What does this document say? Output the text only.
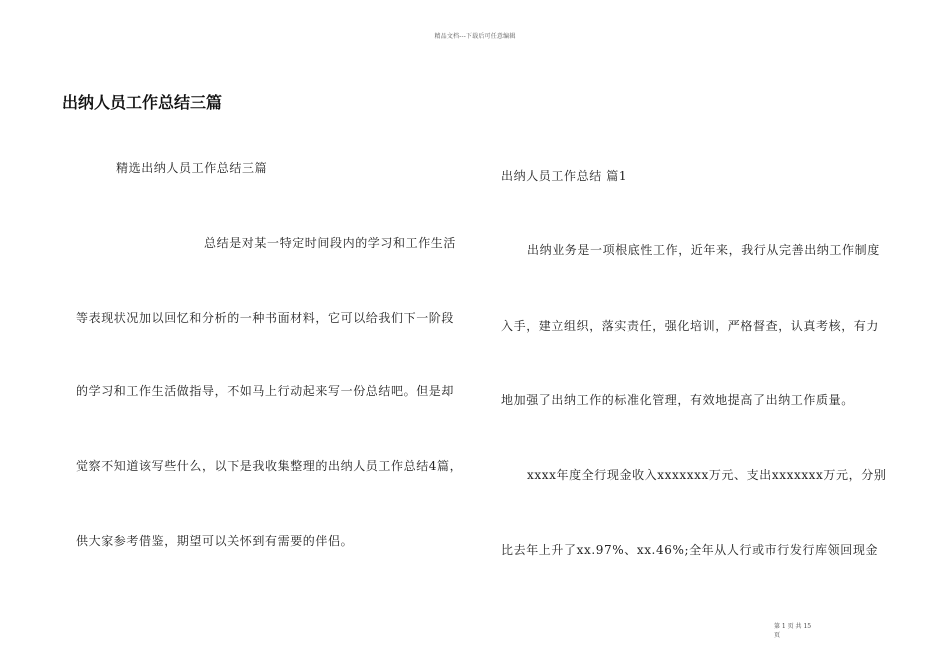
精品文档---下载后可任意编辑
出纳人员工作总结三篇
精选出纳人员工作总结三篇
总结是对某一特定时间段内的学习和工作生活
等表现状况加以回忆和分析的一种书面材料，它可以给我们下一阶段
的学习和工作生活做指导，不如马上行动起来写一份总结吧。但是却
觉察不知道该写些什么，以下是我收集整理的出纳人员工作总结4篇，
供大家参考借鉴，期望可以关怀到有需要的伴侣。
出纳人员工作总结 篇1
出纳业务是一项根底性工作，近年来，我行从完善出纳工作制度
入手，建立组织，落实责任，强化培训，严格督查，认真考核，有力
地加强了出纳工作的标准化管理，有效地提高了出纳工作质量。
xxxx年度全行现金收入xxxxxxx万元、支出xxxxxxx万元，分别
比去年上升了xx.97%、xx.46%;全年从人行或市行发行库领回现金
第 1 页 共 15
页
